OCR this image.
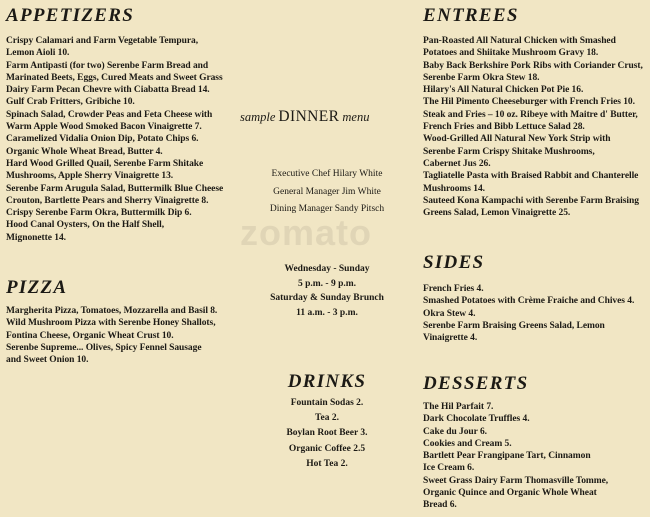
zomato
APPETIZERS
Crispy Calamari and Farm Vegetable Tempura,
Lemon Aioli 10.
Farm Antipasti (for two) Serenbe Farm Bread and
Marinated Beets, Eggs, Cured Meats and Sweet Grass
Dairy Farm Pecan Chevre with Ciabatta Bread 14.
Gulf Crab Fritters, Gribiche 10.
Spinach Salad, Crowder Peas and Feta Cheese with
Warm Apple Wood Smoked Bacon Vinaigrette 7.
Caramelized Vidalia Onion Dip, Potato Chips 6.
Organic Whole Wheat Bread, Butter 4.
Hard Wood Grilled Quail, Serenbe Farm Shitake
Mushrooms, Apple Sherry Vinaigrette 13.
Serenbe Farm Arugula Salad, Buttermilk Blue Cheese
Crouton, Bartlette Pears and Sherry Vinaigrette 8.
Crispy Serenbe Farm Okra, Buttermilk Dip 6.
Hood Canal Oysters, On the Half Shell,
Mignonette 14.
PIZZA
Margherita Pizza, Tomatoes, Mozzarella and Basil 8.
Wild Mushroom Pizza with Serenbe Honey Shallots,
Fontina Cheese, Organic Wheat Crust 10.
Serenbe Supreme... Olives, Spicy Fennel Sausage
and Sweet Onion 10.
sample DINNER menu
Executive Chef Hilary White
General Manager Jim White
Dining Manager Sandy Pitsch
Wednesday - Sunday
5 p.m. - 9 p.m.
Saturday & Sunday Brunch
11 a.m. - 3 p.m.
DRINKS
Fountain Sodas 2.
Tea 2.
Boylan Root Beer 3.
Organic Coffee 2.5
Hot Tea 2.
ENTREES
Pan-Roasted All Natural Chicken with Smashed
Potatoes and Shiitake Mushroom Gravy 18.
Baby Back Berkshire Pork Ribs with Coriander Crust,
Serenbe Farm Okra Stew 18.
Hilary's All Natural Chicken Pot Pie 16.
The Hil Pimento Cheeseburger with French Fries 10.
Steak and Fries – 10 oz. Ribeye with Maitre d' Butter,
French Fries and Bibb Lettuce Salad 28.
Wood-Grilled All Natural New York Strip with
Serenbe Farm Crispy Shitake Mushrooms,
Cabernet Jus 26.
Tagliatelle Pasta with Braised Rabbit and Chanterelle
Mushrooms 14.
Sauteed Kona Kampachi with Serenbe Farm Braising
Greens Salad, Lemon Vinaigrette 25.
SIDES
French Fries 4.
Smashed Potatoes with Crème Fraiche and Chives 4.
Okra Stew 4.
Serenbe Farm Braising Greens Salad, Lemon
Vinaigrette 4.
DESSERTS
The Hil Parfait 7.
Dark Chocolate Truffles 4.
Cake du Jour 6.
Cookies and Cream 5.
Bartlett Pear Frangipane Tart, Cinnamon
Ice Cream 6.
Sweet Grass Dairy Farm Thomasville Tomme,
Organic Quince and Organic Whole Wheat
Bread 6.
